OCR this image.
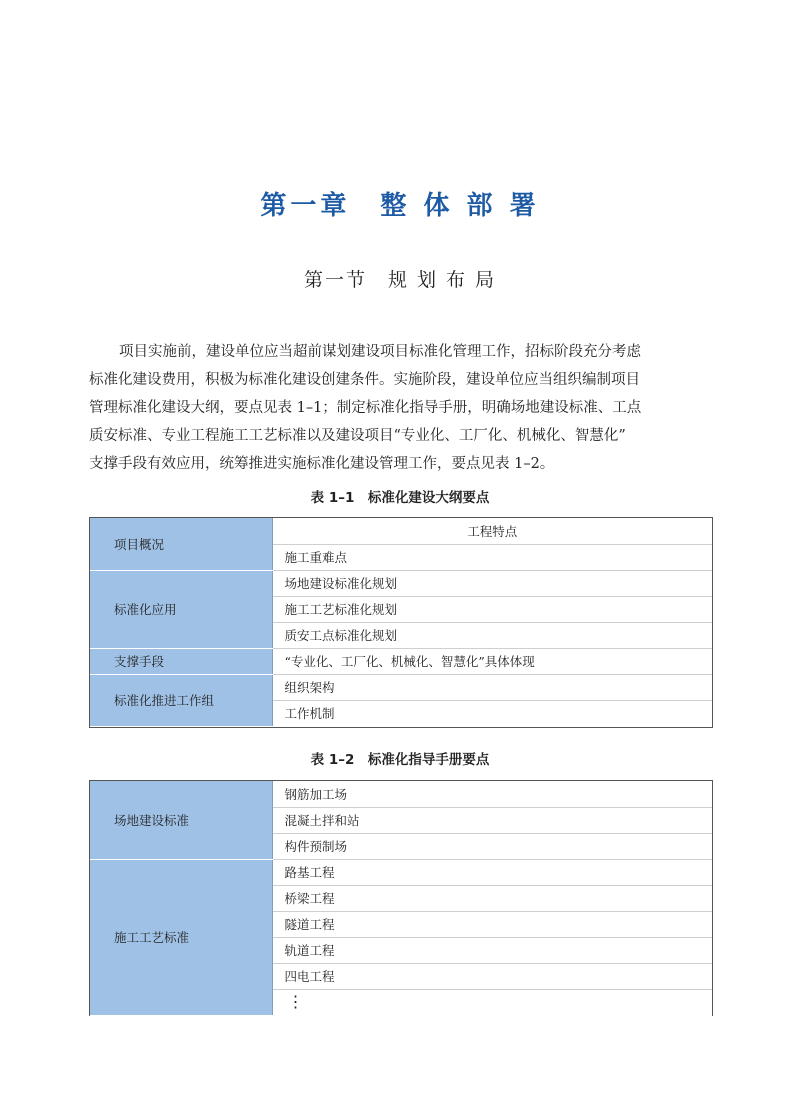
第一章　整 体 部 署
第一节　规 划 布 局
项目实施前，建设单位应当超前谋划建设项目标准化管理工作，招标阶段充分考虑
标准化建设费用，积极为标准化建设创建条件。实施阶段，建设单位应当组织编制项目
管理标准化建设大纲，要点见表 1–1；制定标准化指导手册，明确场地建设标准、工点
质安标准、专业工程施工工艺标准以及建设项目“专业化、工厂化、机械化、智慧化”
支撑手段有效应用，统筹推进实施标准化建设管理工作，要点见表 1–2。
表 1–1　标准化建设大纲要点
项目概况	工程特点
	施工重难点
标准化应用	场地建设标准化规划
	施工工艺标准化规划
	质安工点标准化规划
支撑手段	“专业化、工厂化、机械化、智慧化”具体体现
标准化推进工作组	组织架构
	工作机制
表 1–2　标准化指导手册要点
场地建设标准	钢筋加工场
	混凝土拌和站
	构件预制场
施工工艺标准	路基工程
	桥梁工程
	隧道工程
	轨道工程
	四电工程
	⋮
